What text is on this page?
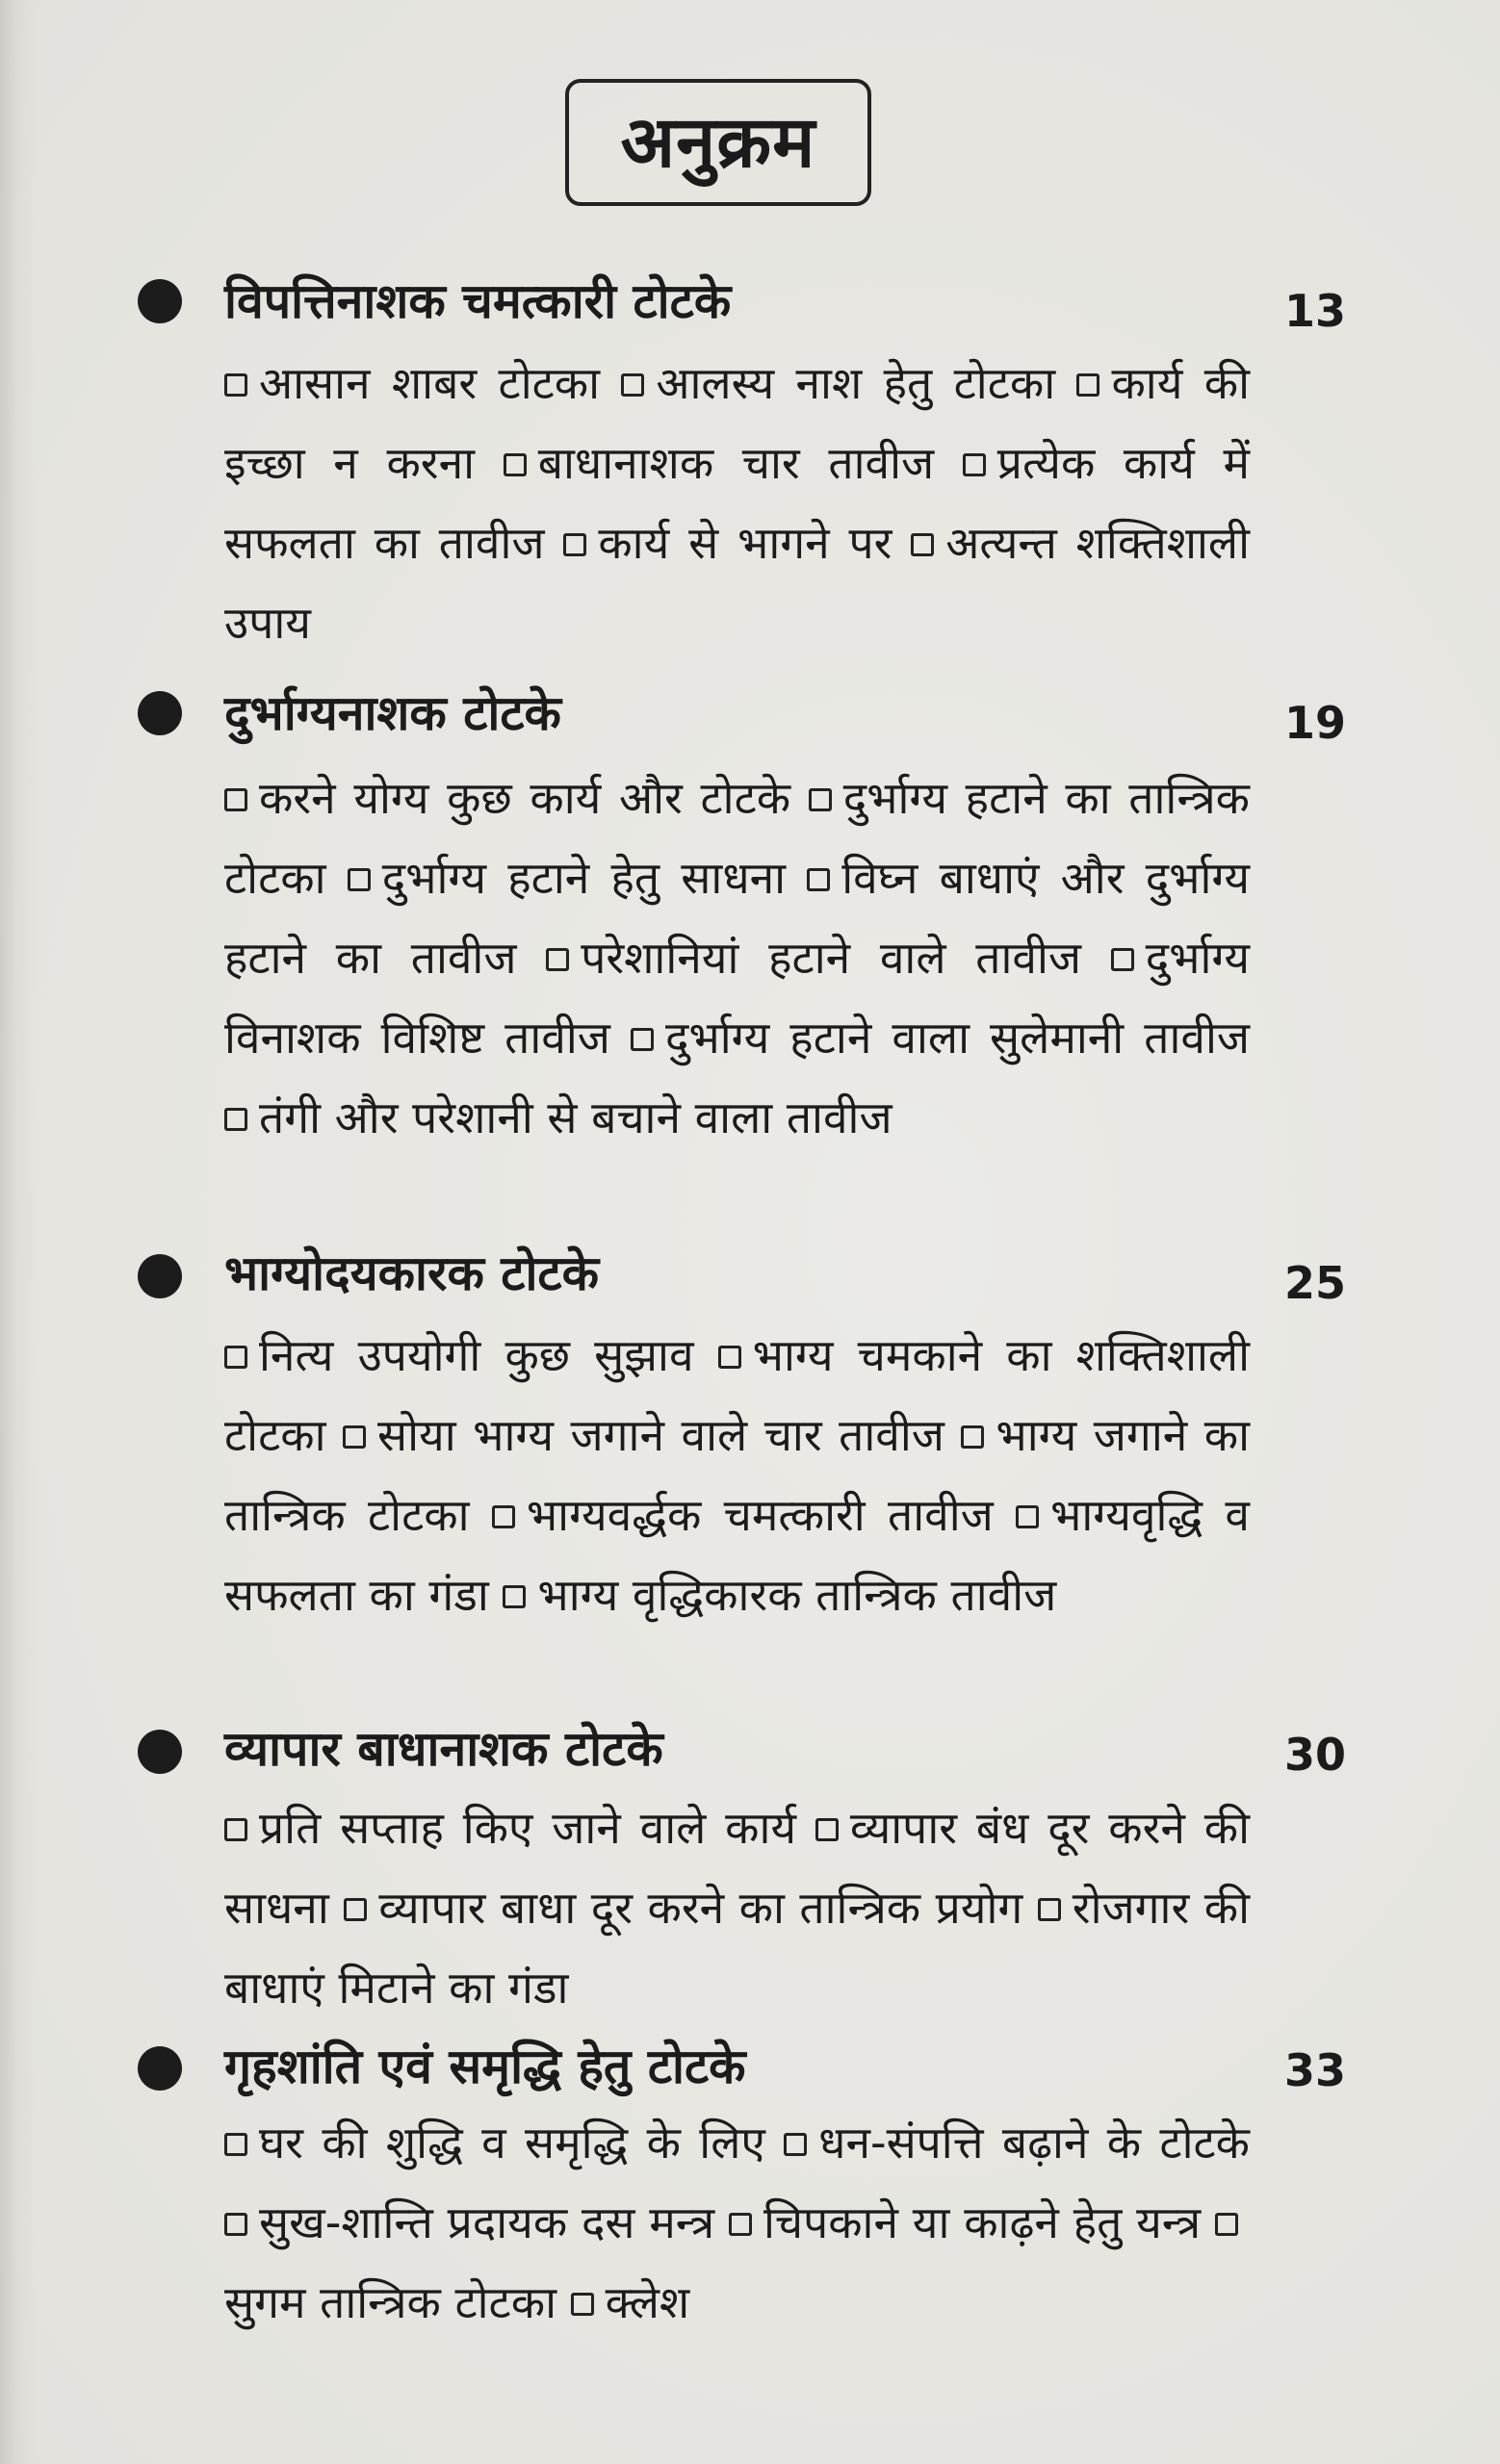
अनुक्रम
विपत्तिनाशक चमत्कारी टोटके	13
आसान शाबर टोटका आलस्य नाश हेतु टोटका कार्य की इच्छा न करना बाधानाशक चार तावीज प्रत्येक कार्य में सफलता का तावीज कार्य से भागने पर अत्यन्त शक्तिशाली उपाय
दुर्भाग्यनाशक टोटके	19
करने योग्य कुछ कार्य और टोटके दुर्भाग्य हटाने का तान्त्रिक टोटका दुर्भाग्य हटाने हेतु साधना विघ्न बाधाएं और दुर्भाग्य हटाने का तावीज परेशानियां हटाने वाले तावीज दुर्भाग्य विनाशक विशिष्ट तावीज दुर्भाग्य हटाने वाला सुलेमानी तावीज तंगी और परेशानी से बचाने वाला तावीज
भाग्योदयकारक टोटके	25
नित्य उपयोगी कुछ सुझाव भाग्य चमकाने का शक्तिशाली टोटका सोया भाग्य जगाने वाले चार तावीज भाग्य जगाने का तान्त्रिक टोटका भाग्यवर्द्धक चमत्कारी तावीज भाग्यवृद्धि व सफलता का गंडा भाग्य वृद्धिकारक तान्त्रिक तावीज
व्यापार बाधानाशक टोटके	30
प्रति सप्ताह किए जाने वाले कार्य व्यापार बंध दूर करने की साधना व्यापार बाधा दूर करने का तान्त्रिक प्रयोग रोजगार की बाधाएं मिटाने का गंडा
गृहशांति एवं समृद्धि हेतु टोटके	33
घर की शुद्धि व समृद्धि के लिए धन-संपत्ति बढ़ाने के टोटके सुख-शान्ति प्रदायक दस मन्त्र चिपकाने या काढ़ने हेतु यन्त्र सुगम तान्त्रिक टोटका क्लेश
